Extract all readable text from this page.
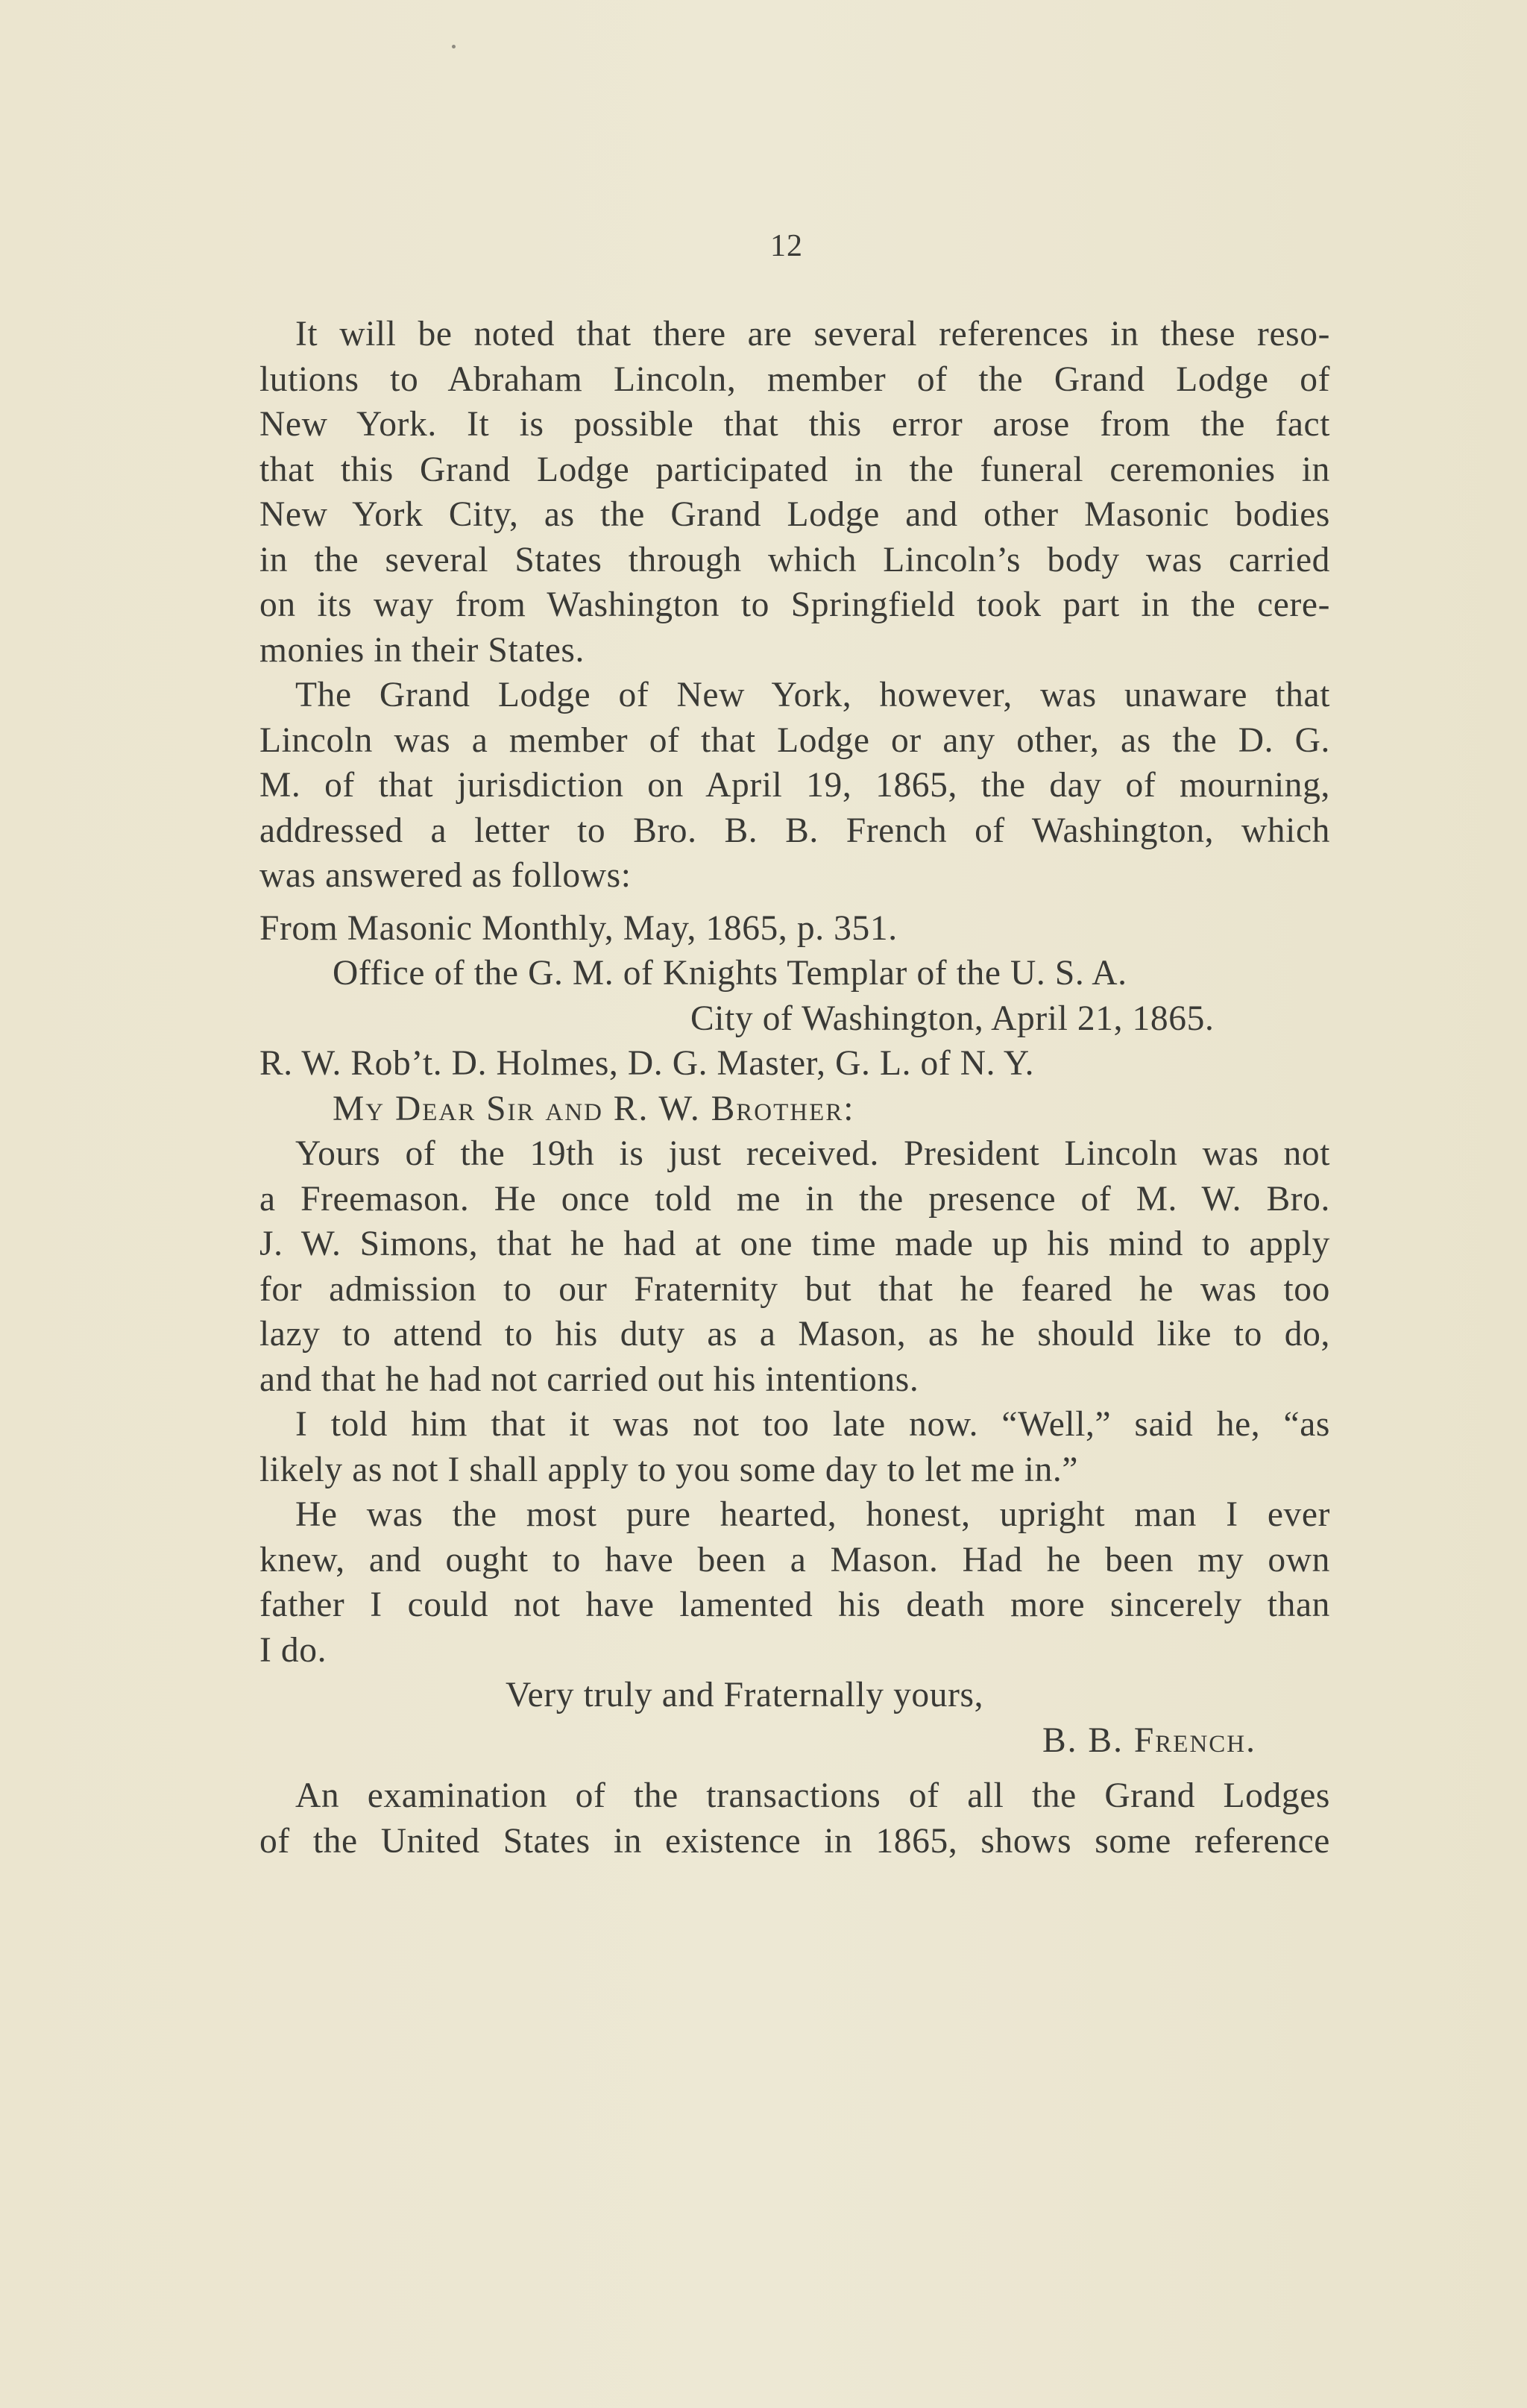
12
It will be noted that there are several references in these reso-
lutions to Abraham Lincoln, member of the Grand Lodge of
New York. It is possible that this error arose from the fact
that this Grand Lodge participated in the funeral ceremonies in
New York City, as the Grand Lodge and other Masonic bodies
in the several States through which Lincoln’s body was carried
on its way from Washington to Springfield took part in the cere-
monies in their States.
The Grand Lodge of New York, however, was unaware that
Lincoln was a member of that Lodge or any other, as the D. G.
M. of that jurisdiction on April 19, 1865, the day of mourning,
addressed a letter to Bro. B. B. French of Washington, which
was answered as follows:
From Masonic Monthly, May, 1865, p. 351.
Office of the G. M. of Knights Templar of the U. S. A.
City of Washington, April 21, 1865.
R. W. Rob’t. D. Holmes, D. G. Master, G. L. of N. Y.
My Dear Sir and R. W. Brother:
Yours of the 19th is just received. President Lincoln was not
a Freemason. He once told me in the presence of M. W. Bro.
J. W. Simons, that he had at one time made up his mind to apply
for admission to our Fraternity but that he feared he was too
lazy to attend to his duty as a Mason, as he should like to do,
and that he had not carried out his intentions.
I told him that it was not too late now. “Well,” said he, “as
likely as not I shall apply to you some day to let me in.”
He was the most pure hearted, honest, upright man I ever
knew, and ought to have been a Mason. Had he been my own
father I could not have lamented his death more sincerely than
I do.
Very truly and Fraternally yours,
B. B. French.
An examination of the transactions of all the Grand Lodges
of the United States in existence in 1865, shows some reference
